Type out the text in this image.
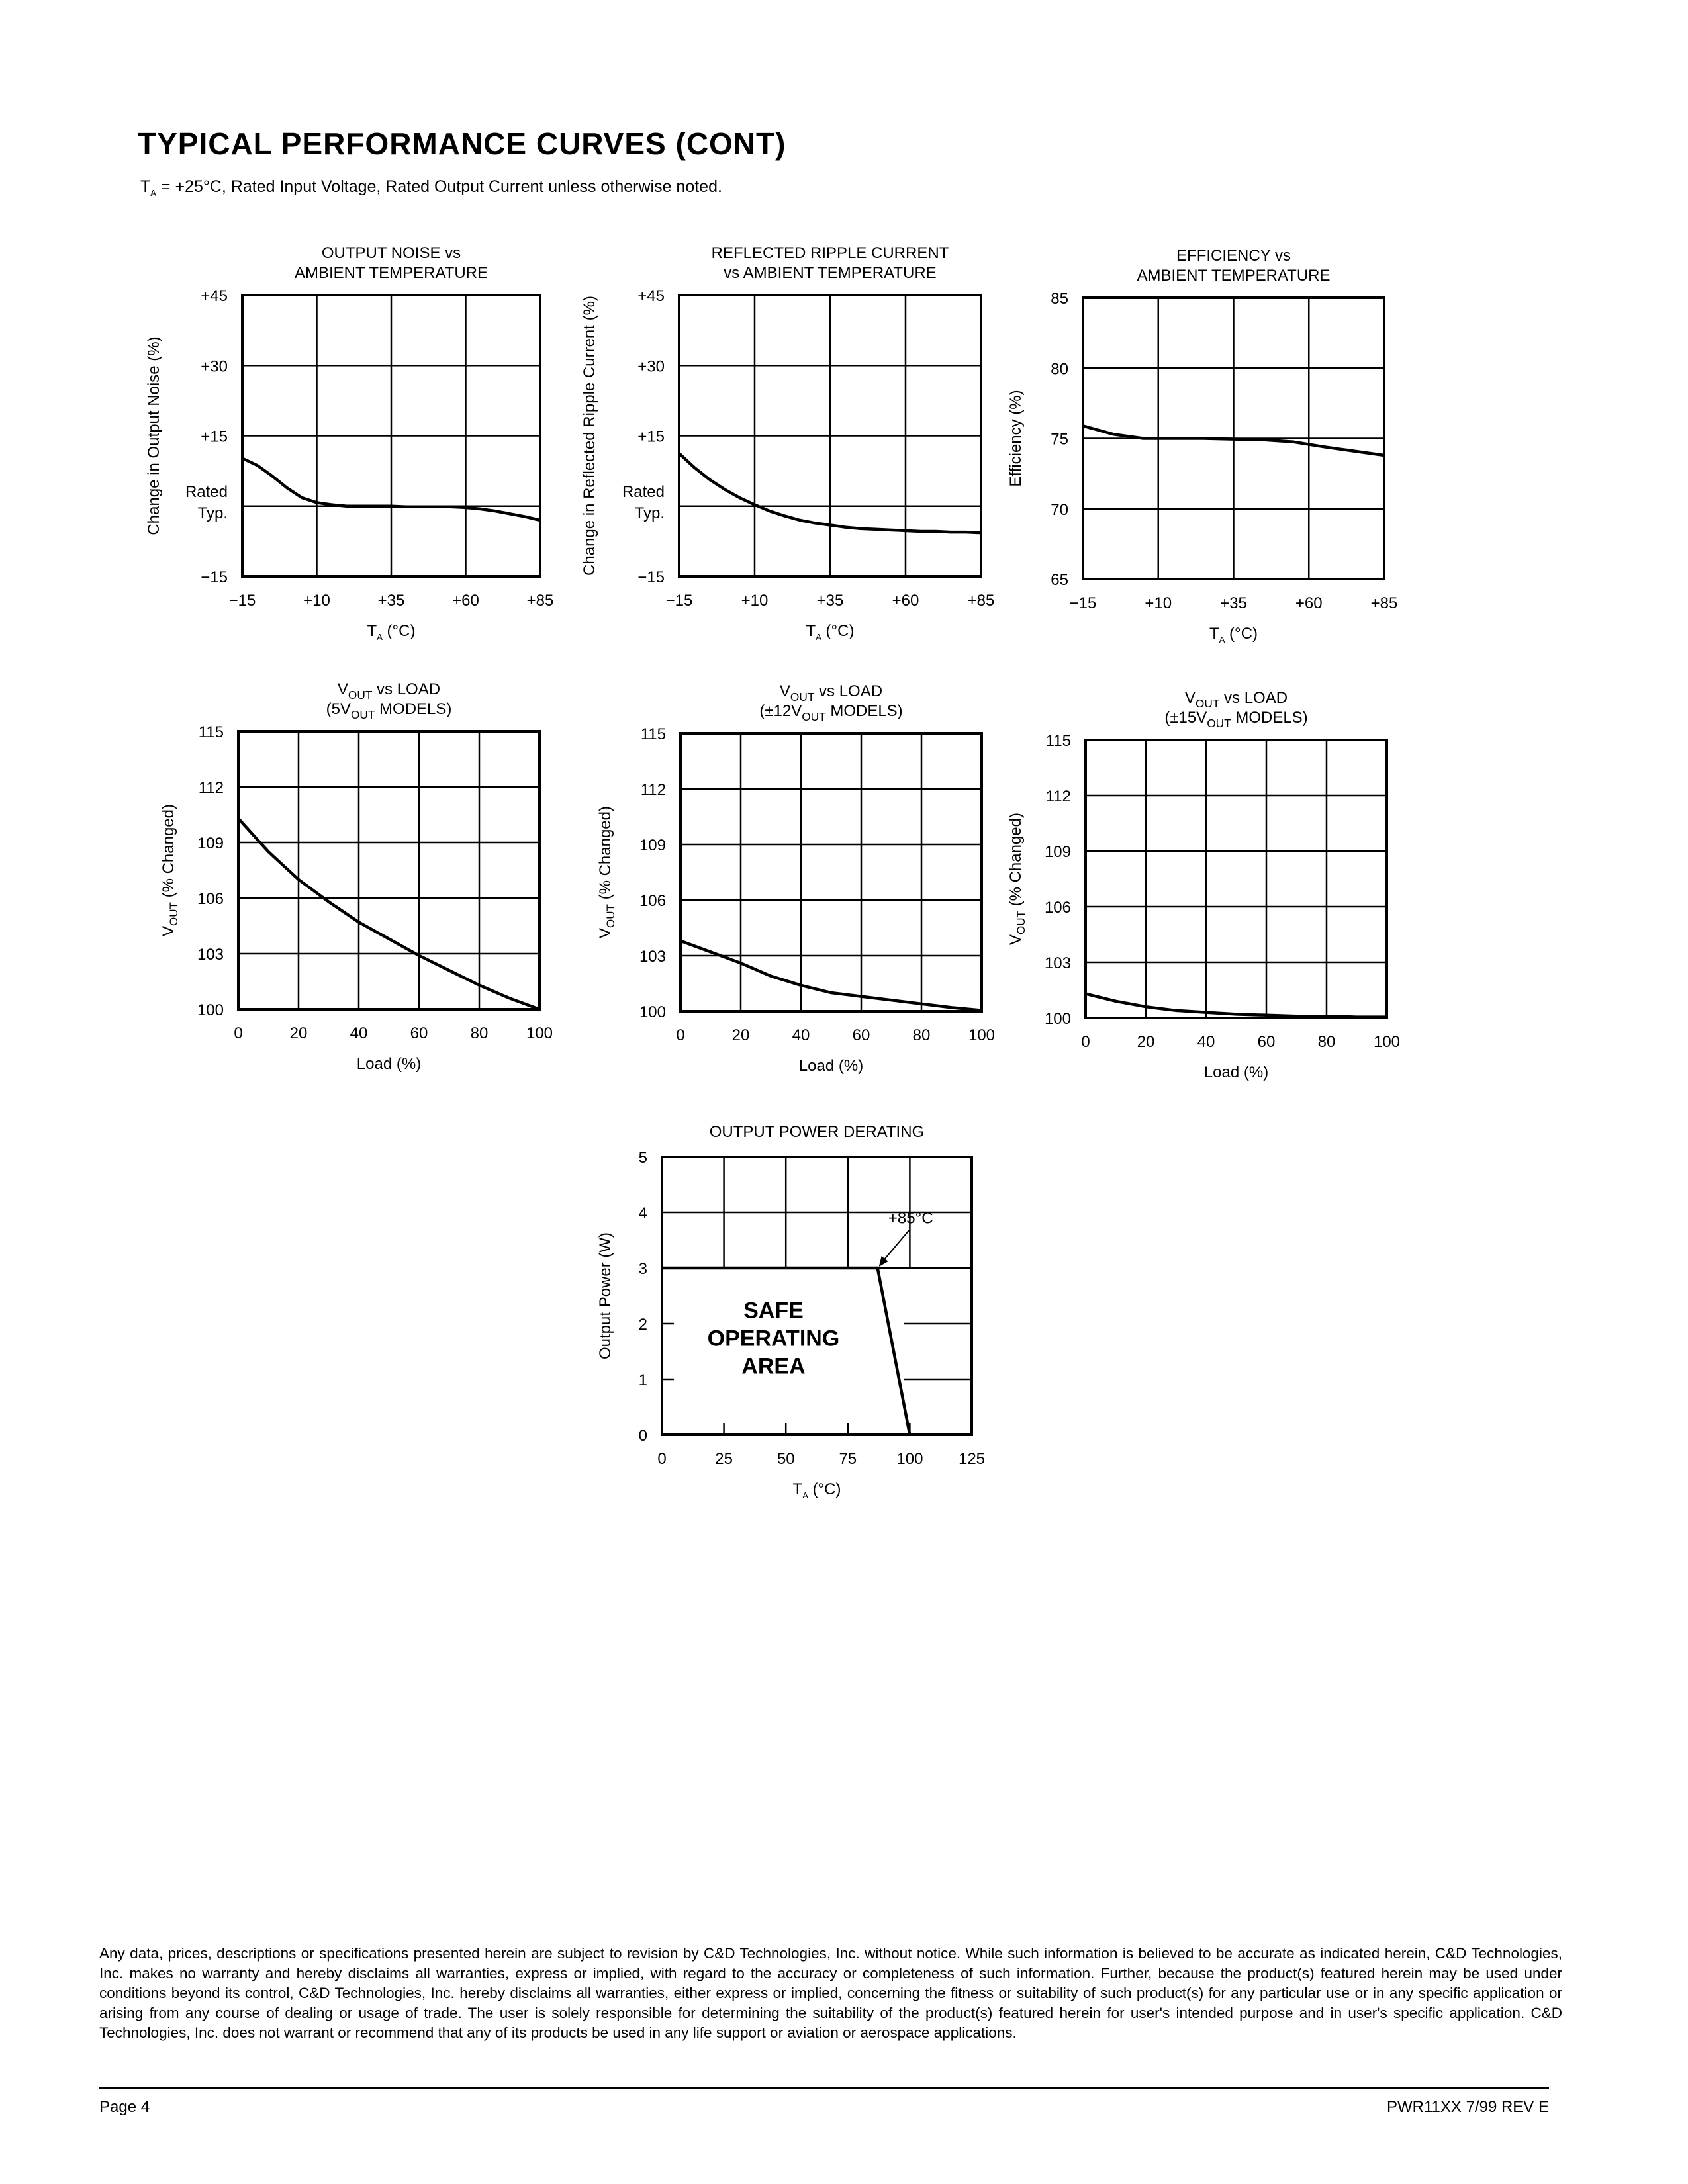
TYPICAL PERFORMANCE CURVES (CONT)
$T_A = +25^\circ C$, Rated Input Voltage, Rated Output Current unless otherwise noted.
OUTPUT NOISE vs
AMBIENT TEMPERATURE
+45
+30
+15
Rated
Typ.
−15
−15	+10	+35	+60	+85
$T_A$ (°C)
Change in Output Noise (%)
REFLECTED RIPPLE CURRENT
vs AMBIENT TEMPERATURE
+45
+30
+15
Rated
Typ.
−15
−15	+10	+35	+60	+85
$T_A$ (°C)
Change in Reflected Ripple Current (%)
EFFICIENCY vs
AMBIENT TEMPERATURE
85
80
75
70
65
−15	+10	+35	+60	+85
$T_A$ (°C)
Efficiency (%)
$V_{OUT}$ vs LOAD
($5V_{OUT}$ MODELS)
115
112
109
106
103
100
0	20	40	60	80 100
Load (%)
$V_{OUT}$ (% Changed)
$V_{OUT}$ vs LOAD
($\pm 12V_{OUT}$ MODELS)
115
112
109
106
103
100
0	20	40	60	80 100
Load (%)
$V_{OUT}$ (% Changed)
$V_{OUT}$ vs LOAD
($\pm 15V_{OUT}$ MODELS)
115
112
109
106
103
100
0	20	40	60	80 100
Load (%)
$V_{OUT}$ (% Changed)
OUTPUT POWER DERATING
5
4
3
2
1
0
0	25	50	75	100 125
$T_A$ (°C)
Output Power (W)
+85°C
SAFE
OPERATING
AREA
Any data, prices, descriptions or specifications presented herein are subject to revision by C&D Technologies, Inc. without notice. While such information is believed to be accurate as indicated herein, C&D Technologies, Inc. makes no warranty and hereby disclaims all warranties, express or implied, with regard to the accuracy or completeness of such information. Further, because the product(s) featured herein may be used under conditions beyond its control, C&D Technologies, Inc. hereby disclaims all warranties, either express or implied, concerning the fitness or suitability of such product(s) for any particular use or in any specific application or arising from any course of dealing or usage of trade. The user is solely responsible for determining the suitability of the product(s) featured herein for user's intended purpose and in user's specific application. C&D Technologies, Inc. does not warrant or recommend that any of its products be used in any life support or aviation or aerospace applications.
Page 4	PWR11XX 7/99 REV E
